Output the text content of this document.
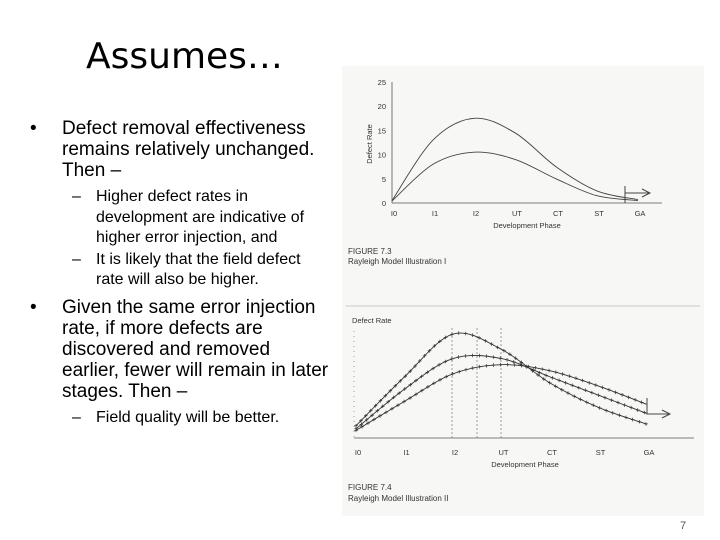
Assumes…
• Defect removal effectiveness remains relatively unchanged. Then –
– Higher defect rates in development are indicative of higher error injection, and
– It is likely that the field defect rate will also be higher.
• Given the same error injection rate, if more defects are discovered and removed earlier, fewer will remain in later stages. Then –
– Field quality will be better.
Defect Rate
Development Phase
0
5
10
15
20
25
I0	I1	I2	UT	CT	ST	GA
FIGURE 7.3
Rayleigh Model Illustration I
Defect Rate
Development Phase
I0	I1	I2	UT	CT	ST	GA
FIGURE 7.4
Rayleigh Model Illustration II
7
